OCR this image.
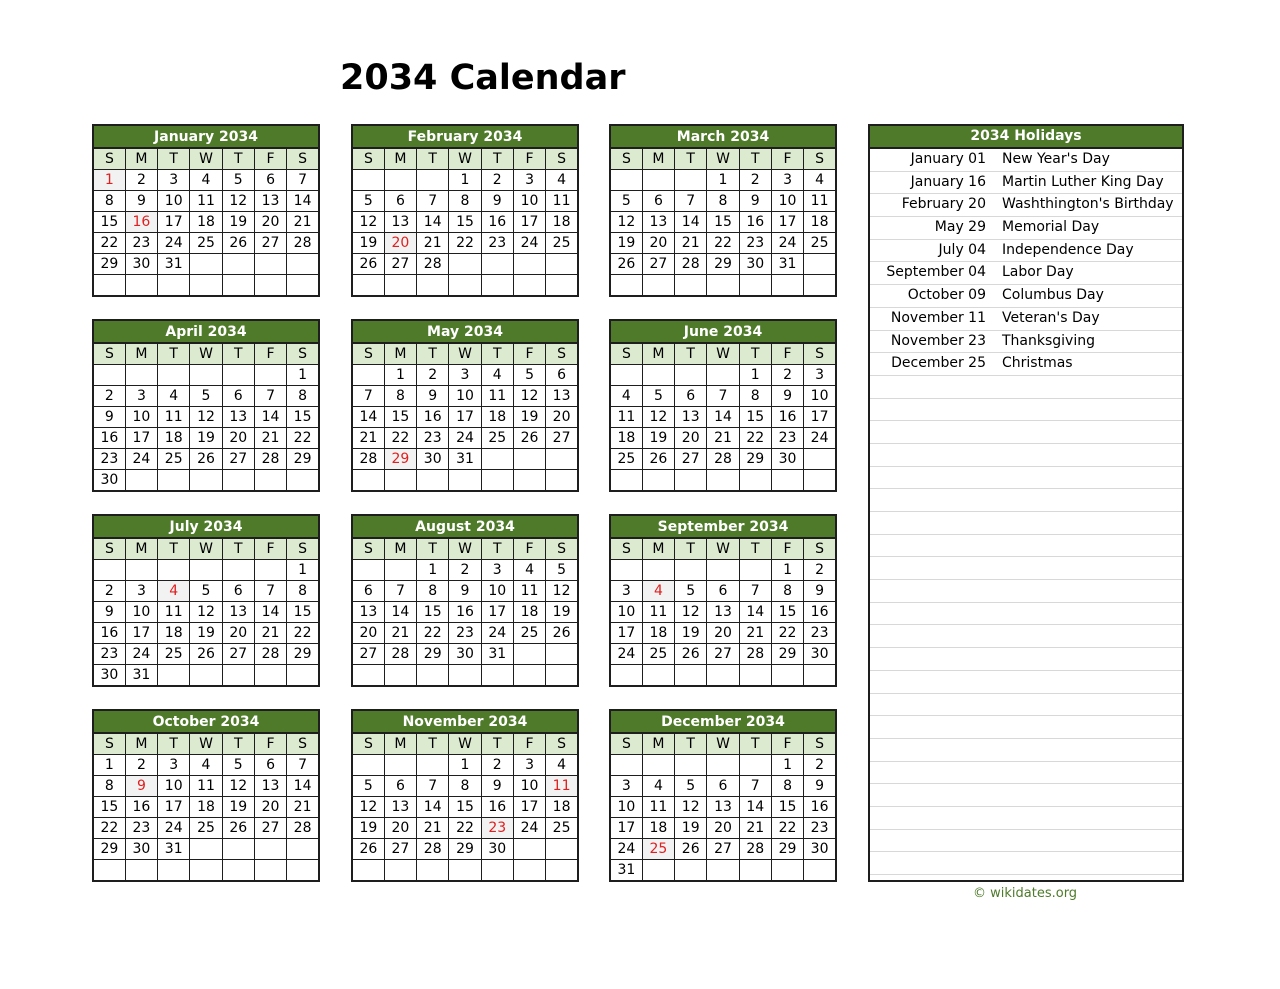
2034 Calendar
January 2034						
S	M	T	W	T	F	S
1	2	3	4	5	6	7
8	9	10	11	12	13	14
15	16	17	18	19	20	21
22	23	24	25	26	27	28
29	30	31				

February 2034						
S	M	T	W	T	F	S
			1	2	3	4
5	6	7	8	9	10	11
12	13	14	15	16	17	18
19	20	21	22	23	24	25
26	27	28				

March 2034						
S	M	T	W	T	F	S
			1	2	3	4
5	6	7	8	9	10	11
12	13	14	15	16	17	18
19	20	21	22	23	24	25
26	27	28	29	30	31	

April 2034						
S	M	T	W	T	F	S
						1
2	3	4	5	6	7	8
9	10	11	12	13	14	15
16	17	18	19	20	21	22
23	24	25	26	27	28	29
30						
May 2034						
S	M	T	W	T	F	S
	1	2	3	4	5	6
7	8	9	10	11	12	13
14	15	16	17	18	19	20
21	22	23	24	25	26	27
28	29	30	31			

June 2034						
S	M	T	W	T	F	S
				1	2	3
4	5	6	7	8	9	10
11	12	13	14	15	16	17
18	19	20	21	22	23	24
25	26	27	28	29	30	

July 2034						
S	M	T	W	T	F	S
						1
2	3	4	5	6	7	8
9	10	11	12	13	14	15
16	17	18	19	20	21	22
23	24	25	26	27	28	29
30	31					
August 2034						
S	M	T	W	T	F	S
		1	2	3	4	5
6	7	8	9	10	11	12
13	14	15	16	17	18	19
20	21	22	23	24	25	26
27	28	29	30	31		

September 2034						
S	M	T	W	T	F	S
					1	2
3	4	5	6	7	8	9
10	11	12	13	14	15	16
17	18	19	20	21	22	23
24	25	26	27	28	29	30

October 2034						
S	M	T	W	T	F	S
1	2	3	4	5	6	7
8	9	10	11	12	13	14
15	16	17	18	19	20	21
22	23	24	25	26	27	28
29	30	31				

November 2034						
S	M	T	W	T	F	S
			1	2	3	4
5	6	7	8	9	10	11
12	13	14	15	16	17	18
19	20	21	22	23	24	25
26	27	28	29	30		

December 2034						
S	M	T	W	T	F	S
					1	2
3	4	5	6	7	8	9
10	11	12	13	14	15	16
17	18	19	20	21	22	23
24	25	26	27	28	29	30
31						
2034 Holidays
January 01	New Year's Day
January 16	Martin Luther King Day
February 20	Washthington's Birthday
May 29	Memorial Day
July 04	Independence Day
September 04	Labor Day
October 09	Columbus Day
November 11	Veteran's Day
November 23	Thanksgiving
December 25	Christmas
© wikidates.org
